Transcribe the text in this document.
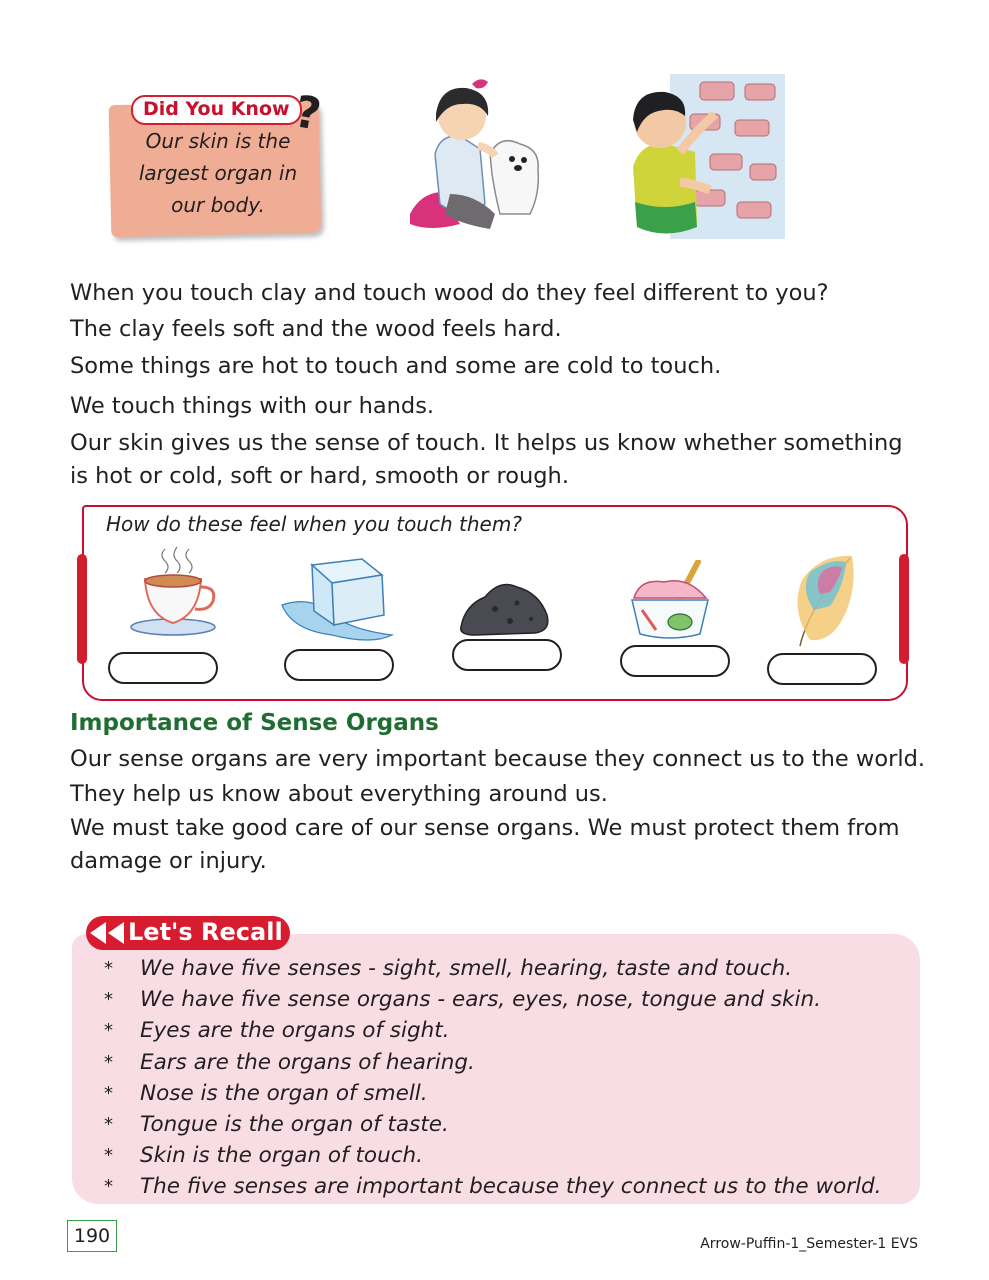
Did You Know ?
Our skin is the
largest organ in
our body.
When you touch clay and touch wood do they feel different to you?
The clay feels soft and the wood feels hard.
Some things are hot to touch and some are cold to touch.
We touch things with our hands.
Our skin gives us the sense of touch. It helps us know whether something is hot or cold, soft or hard, smooth or rough.
How do these feel when you touch them?
Importance of Sense Organs
Our sense organs are very important because they connect us to the world.
They help us know about everything around us.
We must take good care of our sense organs. We must protect them from damage or injury.
Let's Recall
* We have five senses - sight, smell, hearing, taste and touch.
* We have five sense organs - ears, eyes, nose, tongue and skin.
* Eyes are the organs of sight.
* Ears are the organs of hearing.
* Nose is the organ of smell.
* Tongue is the organ of taste.
* Skin is the organ of touch.
* The five senses are important because they connect us to the world.
190	Arrow-Puffin-1_Semester-1 EVS
